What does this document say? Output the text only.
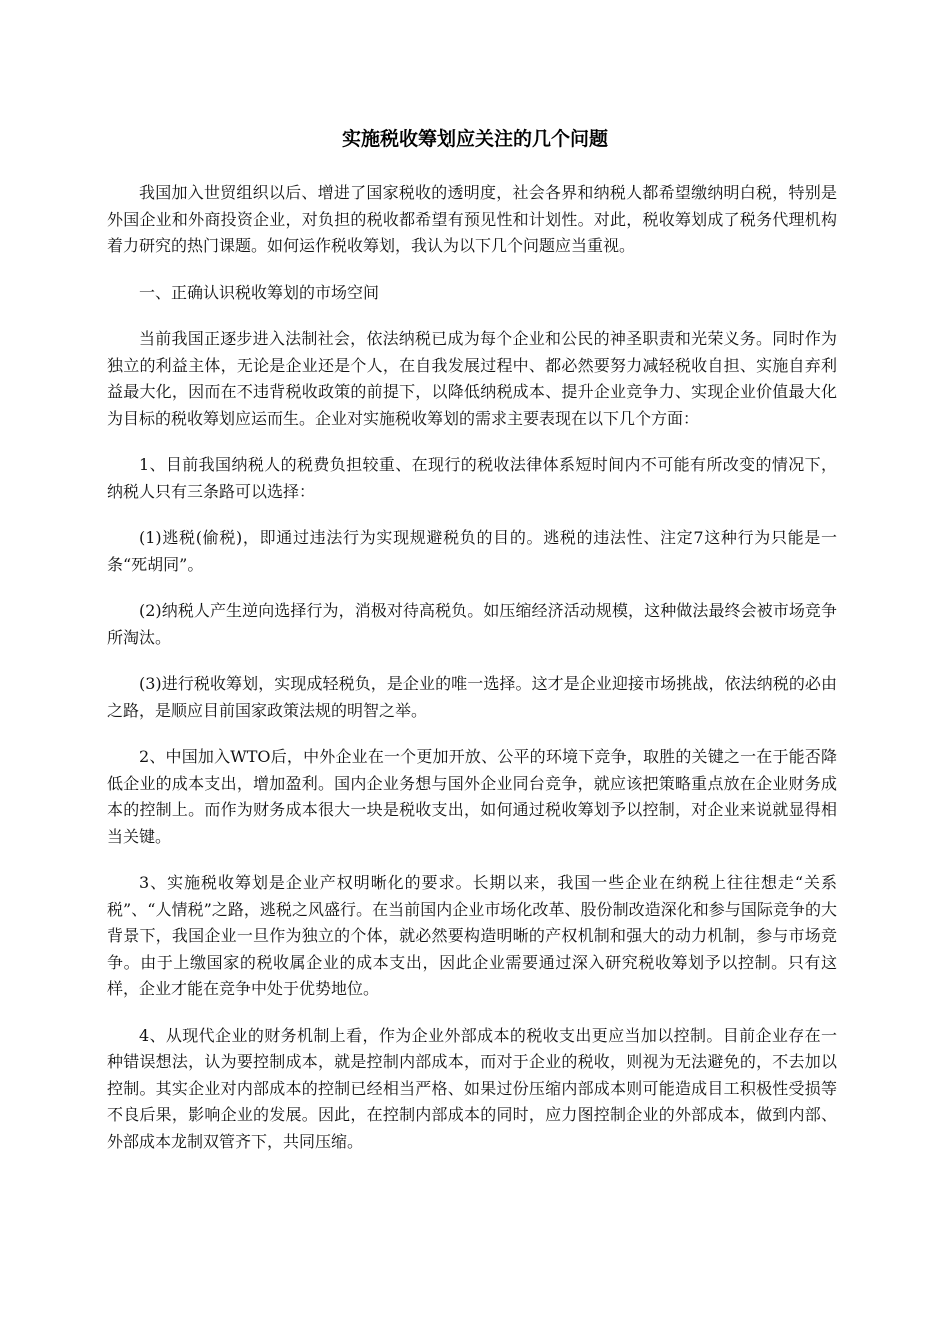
实施税收筹划应关注的几个问题

我国加入世贸组织以后、增进了国家税收的透明度，社会各界和纳税人都希望缴纳明白税，特别是外国企业和外商投资企业，对负担的税收都希望有预见性和计划性。对此，税收筹划成了税务代理机构着力研究的热门课题。如何运作税收筹划，我认为以下几个问题应当重视。

一、正确认识税收筹划的市场空间

当前我国正逐步进入法制社会，依法纳税已成为每个企业和公民的神圣职责和光荣义务。同时作为独立的利益主体，无论是企业还是个人，在自我发展过程中、都必然要努力减轻税收自担、实施自弃利益最大化，因而在不违背税收政策的前提下，以降低纳税成本、提升企业竞争力、实现企业价值最大化为目标的税收筹划应运而生。企业对实施税收筹划的需求主要表现在以下几个方面：

1、目前我国纳税人的税费负担较重、在现行的税收法律体系短时间内不可能有所改变的情况下，纳税人只有三条路可以选择：

(1)逃税(偷税)，即通过违法行为实现规避税负的目的。逃税的违法性、注定7这种行为只能是一条“死胡同”。

(2)纳税人产生逆向选择行为，消极对待高税负。如压缩经济活动规模，这种做法最终会被市场竞争所淘汰。

(3)进行税收筹划，实现成轻税负，是企业的唯一选择。这才是企业迎接市场挑战，依法纳税的必由之路，是顺应目前国家政策法规的明智之举。

2、中国加入WTO后，中外企业在一个更加开放、公平的环境下竞争，取胜的关键之一在于能否降低企业的成本支出，增加盈利。国内企业务想与国外企业同台竞争，就应该把策略重点放在企业财务成本的控制上。而作为财务成本很大一块是税收支出，如何通过税收筹划予以控制，对企业来说就显得相当关键。

3、实施税收筹划是企业产权明晰化的要求。长期以来，我国一些企业在纳税上往往想走“关系税”、“人情税”之路，逃税之风盛行。在当前国内企业市场化改革、股份制改造深化和参与国际竞争的大背景下，我国企业一旦作为独立的个体，就必然要构造明晰的产权机制和强大的动力机制，参与市场竞争。由于上缴国家的税收属企业的成本支出，因此企业需要通过深入研究税收筹划予以控制。只有这样，企业才能在竞争中处于优势地位。

4、从现代企业的财务机制上看，作为企业外部成本的税收支出更应当加以控制。目前企业存在一种错误想法，认为要控制成本，就是控制内部成本，而对于企业的税收，则视为无法避免的，不去加以控制。其实企业对内部成本的控制已经相当严格、如果过份压缩内部成本则可能造成目工积极性受损等不良后果，影响企业的发展。因此，在控制内部成本的同时，应力图控制企业的外部成本，做到内部、外部成本龙制双管齐下，共同压缩。
